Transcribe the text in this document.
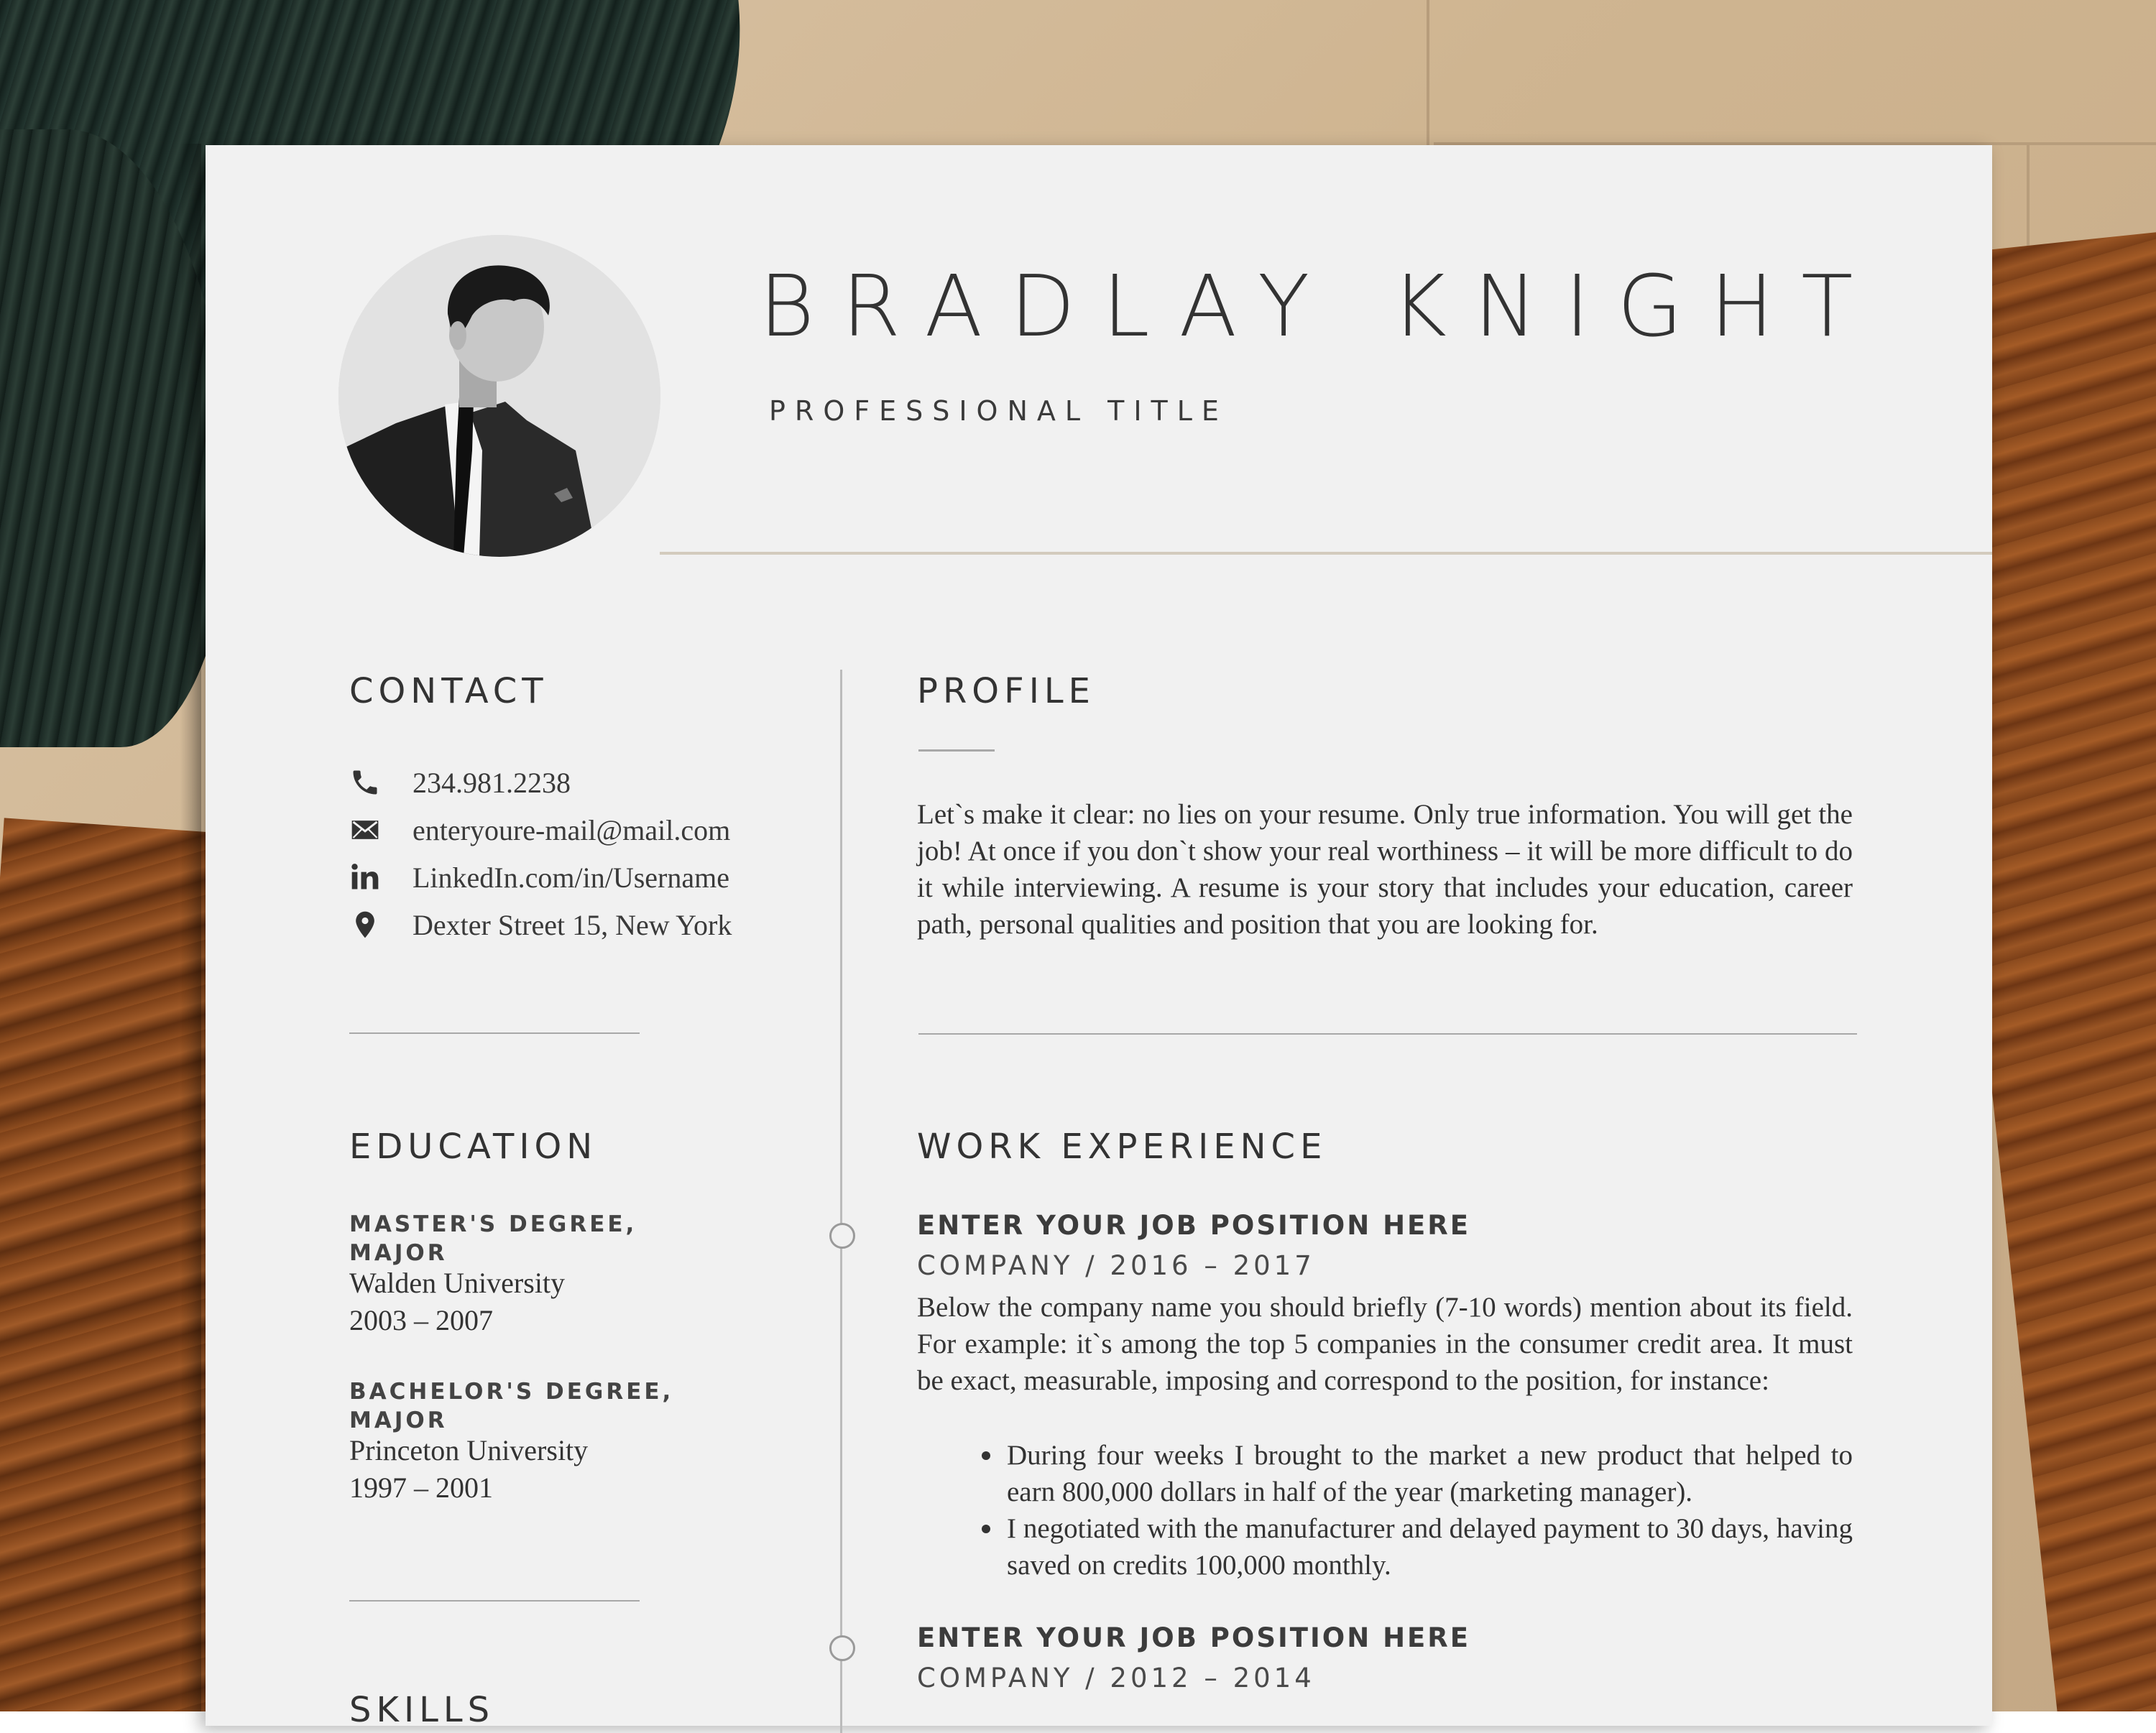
BRADLAY KNIGHT
PROFESSIONAL TITLE
CONTACT
234.981.2238
enteryoure-mail@mail.com
LinkedIn.com/in/Username
Dexter Street 15, New York
EDUCATION
MASTER'S DEGREE, MAJOR
Walden University
2003 – 2007
BACHELOR'S DEGREE, MAJOR
Princeton University
1997 – 2001
SKILLS
PROFILE
Let`s make it clear: no lies on your resume. Only true information. You will get the job! At once if you don`t show your real worthiness – it will be more difficult to do it while interviewing. A resume is your story that includes your education, career path, personal qualities and position that you are looking for.
WORK EXPERIENCE
ENTER YOUR JOB POSITION HERE
COMPANY / 2016 – 2017
Below the company name you should briefly (7-10 words) mention about its field. For example: it`s among the top 5 companies in the consumer credit area. It must be exact, measurable, imposing and correspond to the position, for instance:
During four weeks I brought to the market a new product that helped to earn 800,000 dollars in half of the year (marketing manager).
I negotiated with the manufacturer and delayed payment to 30 days, having saved on credits 100,000 monthly.
ENTER YOUR JOB POSITION HERE
COMPANY / 2012 – 2014
